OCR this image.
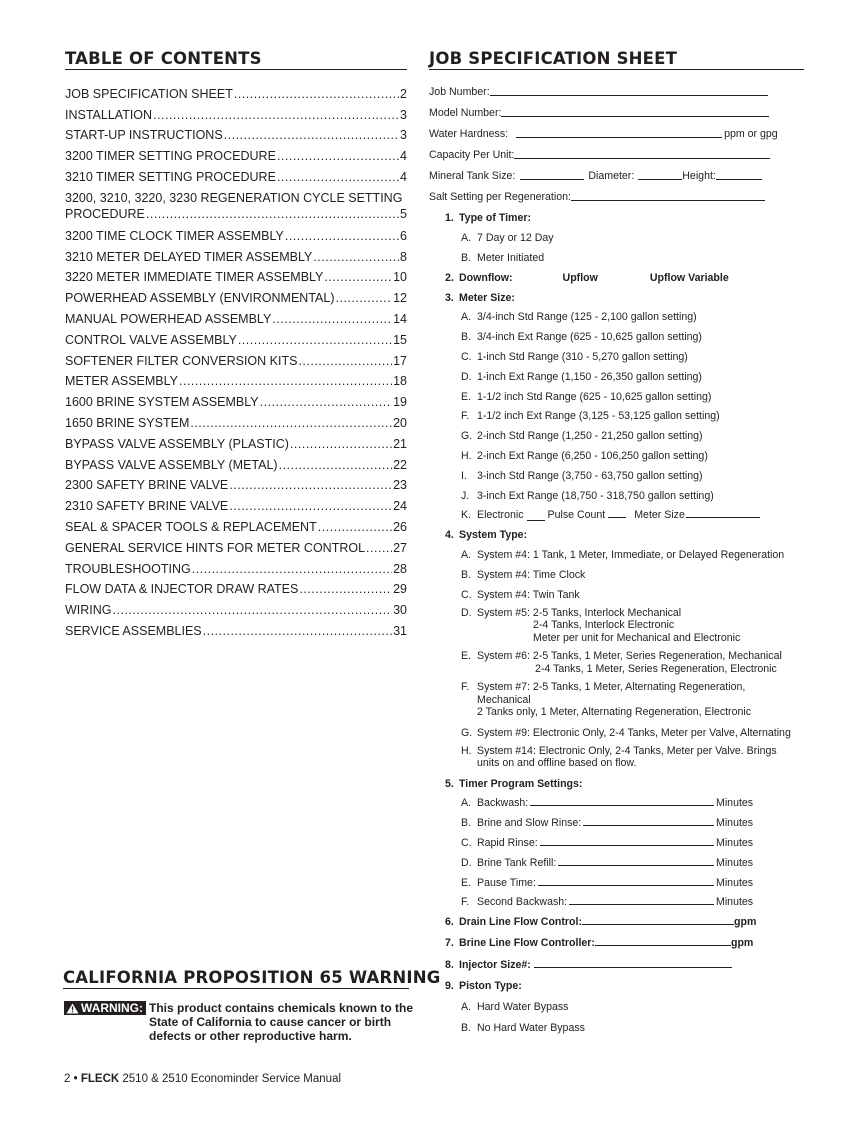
TABLE OF CONTENTS
JOB SPECIFICATION SHEET .....	2
INSTALLATION .....	3
START-UP INSTRUCTIONS .....	3
3200 TIMER SETTING PROCEDURE .....	4
3210 TIMER SETTING PROCEDURE .....	4
3200, 3210, 3220, 3230 REGENERATION CYCLE SETTING
PROCEDURE .....	5
3200 TIME CLOCK TIMER ASSEMBLY .....	6
3210 METER DELAYED TIMER ASSEMBLY .....	8
3220 METER IMMEDIATE TIMER ASSEMBLY .....	10
POWERHEAD ASSEMBLY (ENVIRONMENTAL) .....	12
MANUAL POWERHEAD ASSEMBLY .....	14
CONTROL VALVE ASSEMBLY .....	15
SOFTENER FILTER CONVERSION KITS .....	17
METER ASSEMBLY .....	18
1600 BRINE SYSTEM ASSEMBLY .....	19
1650 BRINE SYSTEM .....	20
BYPASS VALVE ASSEMBLY (PLASTIC) .....	21
BYPASS VALVE ASSEMBLY (METAL) .....	22
2300 SAFETY BRINE VALVE .....	23
2310 SAFETY BRINE VALVE .....	24
SEAL & SPACER TOOLS & REPLACEMENT .....	26
GENERAL SERVICE HINTS FOR METER CONTROL ..... 27
TROUBLESHOOTING .....	28
FLOW DATA & INJECTOR DRAW RATES .....	29
WIRING .....	30
SERVICE ASSEMBLIES .....	31
CALIFORNIA PROPOSITION 65 WARNING
WARNING: This product contains chemicals known to the State of California to cause cancer or birth defects or other reproductive harm.
2 • FLECK 2510 & 2510 Econominder Service Manual
JOB SPECIFICATION SHEET
Job Number:
Model Number:
Water Hardness:	ppm or gpg
Capacity Per Unit:
Mineral Tank Size:	Diameter:	Height:
Salt Setting per Regeneration:
1. Type of Timer:
A. 7 Day or 12 Day
B. Meter Initiated
2. Downflow:	Upflow	Upflow Variable
3. Meter Size:
A. 3/4-inch Std Range (125 - 2,100 gallon setting)
B. 3/4-inch Ext Range (625 - 10,625 gallon setting)
C. 1-inch Std Range (310 - 5,270 gallon setting)
D. 1-inch Ext Range (1,150 - 26,350 gallon setting)
E. 1-1/2 inch Std Range (625 - 10,625 gallon setting)
F. 1-1/2 inch Ext Range (3,125 - 53,125 gallon setting)
G. 2-inch Std Range (1,250 - 21,250 gallon setting)
H. 2-inch Ext Range (6,250 - 106,250 gallon setting)
I. 3-inch Std Range (3,750 - 63,750 gallon setting)
J. 3-inch Ext Range (18,750 - 318,750 gallon setting)
K. Electronic Pulse Count	Meter Size
4. System Type:
A. System #4: 1 Tank, 1 Meter, Immediate, or Delayed Regeneration
B. System #4: Time Clock
C. System #4: Twin Tank
D. System #5: 2-5 Tanks, Interlock Mechanical
2-4 Tanks, Interlock Electronic
Meter per unit for Mechanical and Electronic
E. System #6: 2-5 Tanks, 1 Meter, Series Regeneration, Mechanical
2-4 Tanks, 1 Meter, Series Regeneration, Electronic
F. System #7: 2-5 Tanks, 1 Meter, Alternating Regeneration,
Mechanical
2 Tanks only, 1 Meter, Alternating Regeneration, Electronic
G. System #9: Electronic Only, 2-4 Tanks, Meter per Valve, Alternating
H. System #14: Electronic Only, 2-4 Tanks, Meter per Valve. Brings
units on and offline based on flow.
5. Timer Program Settings:
A. Backwash:	Minutes
B. Brine and Slow Rinse:	Minutes
C. Rapid Rinse:	Minutes
D. Brine Tank Refill:	Minutes
E. Pause Time:	Minutes
F. Second Backwash:	Minutes
6. Drain Line Flow Control:	gpm
7. Brine Line Flow Controller:	gpm
8. Injector Size#:
9. Piston Type:
A. Hard Water Bypass
B. No Hard Water Bypass
